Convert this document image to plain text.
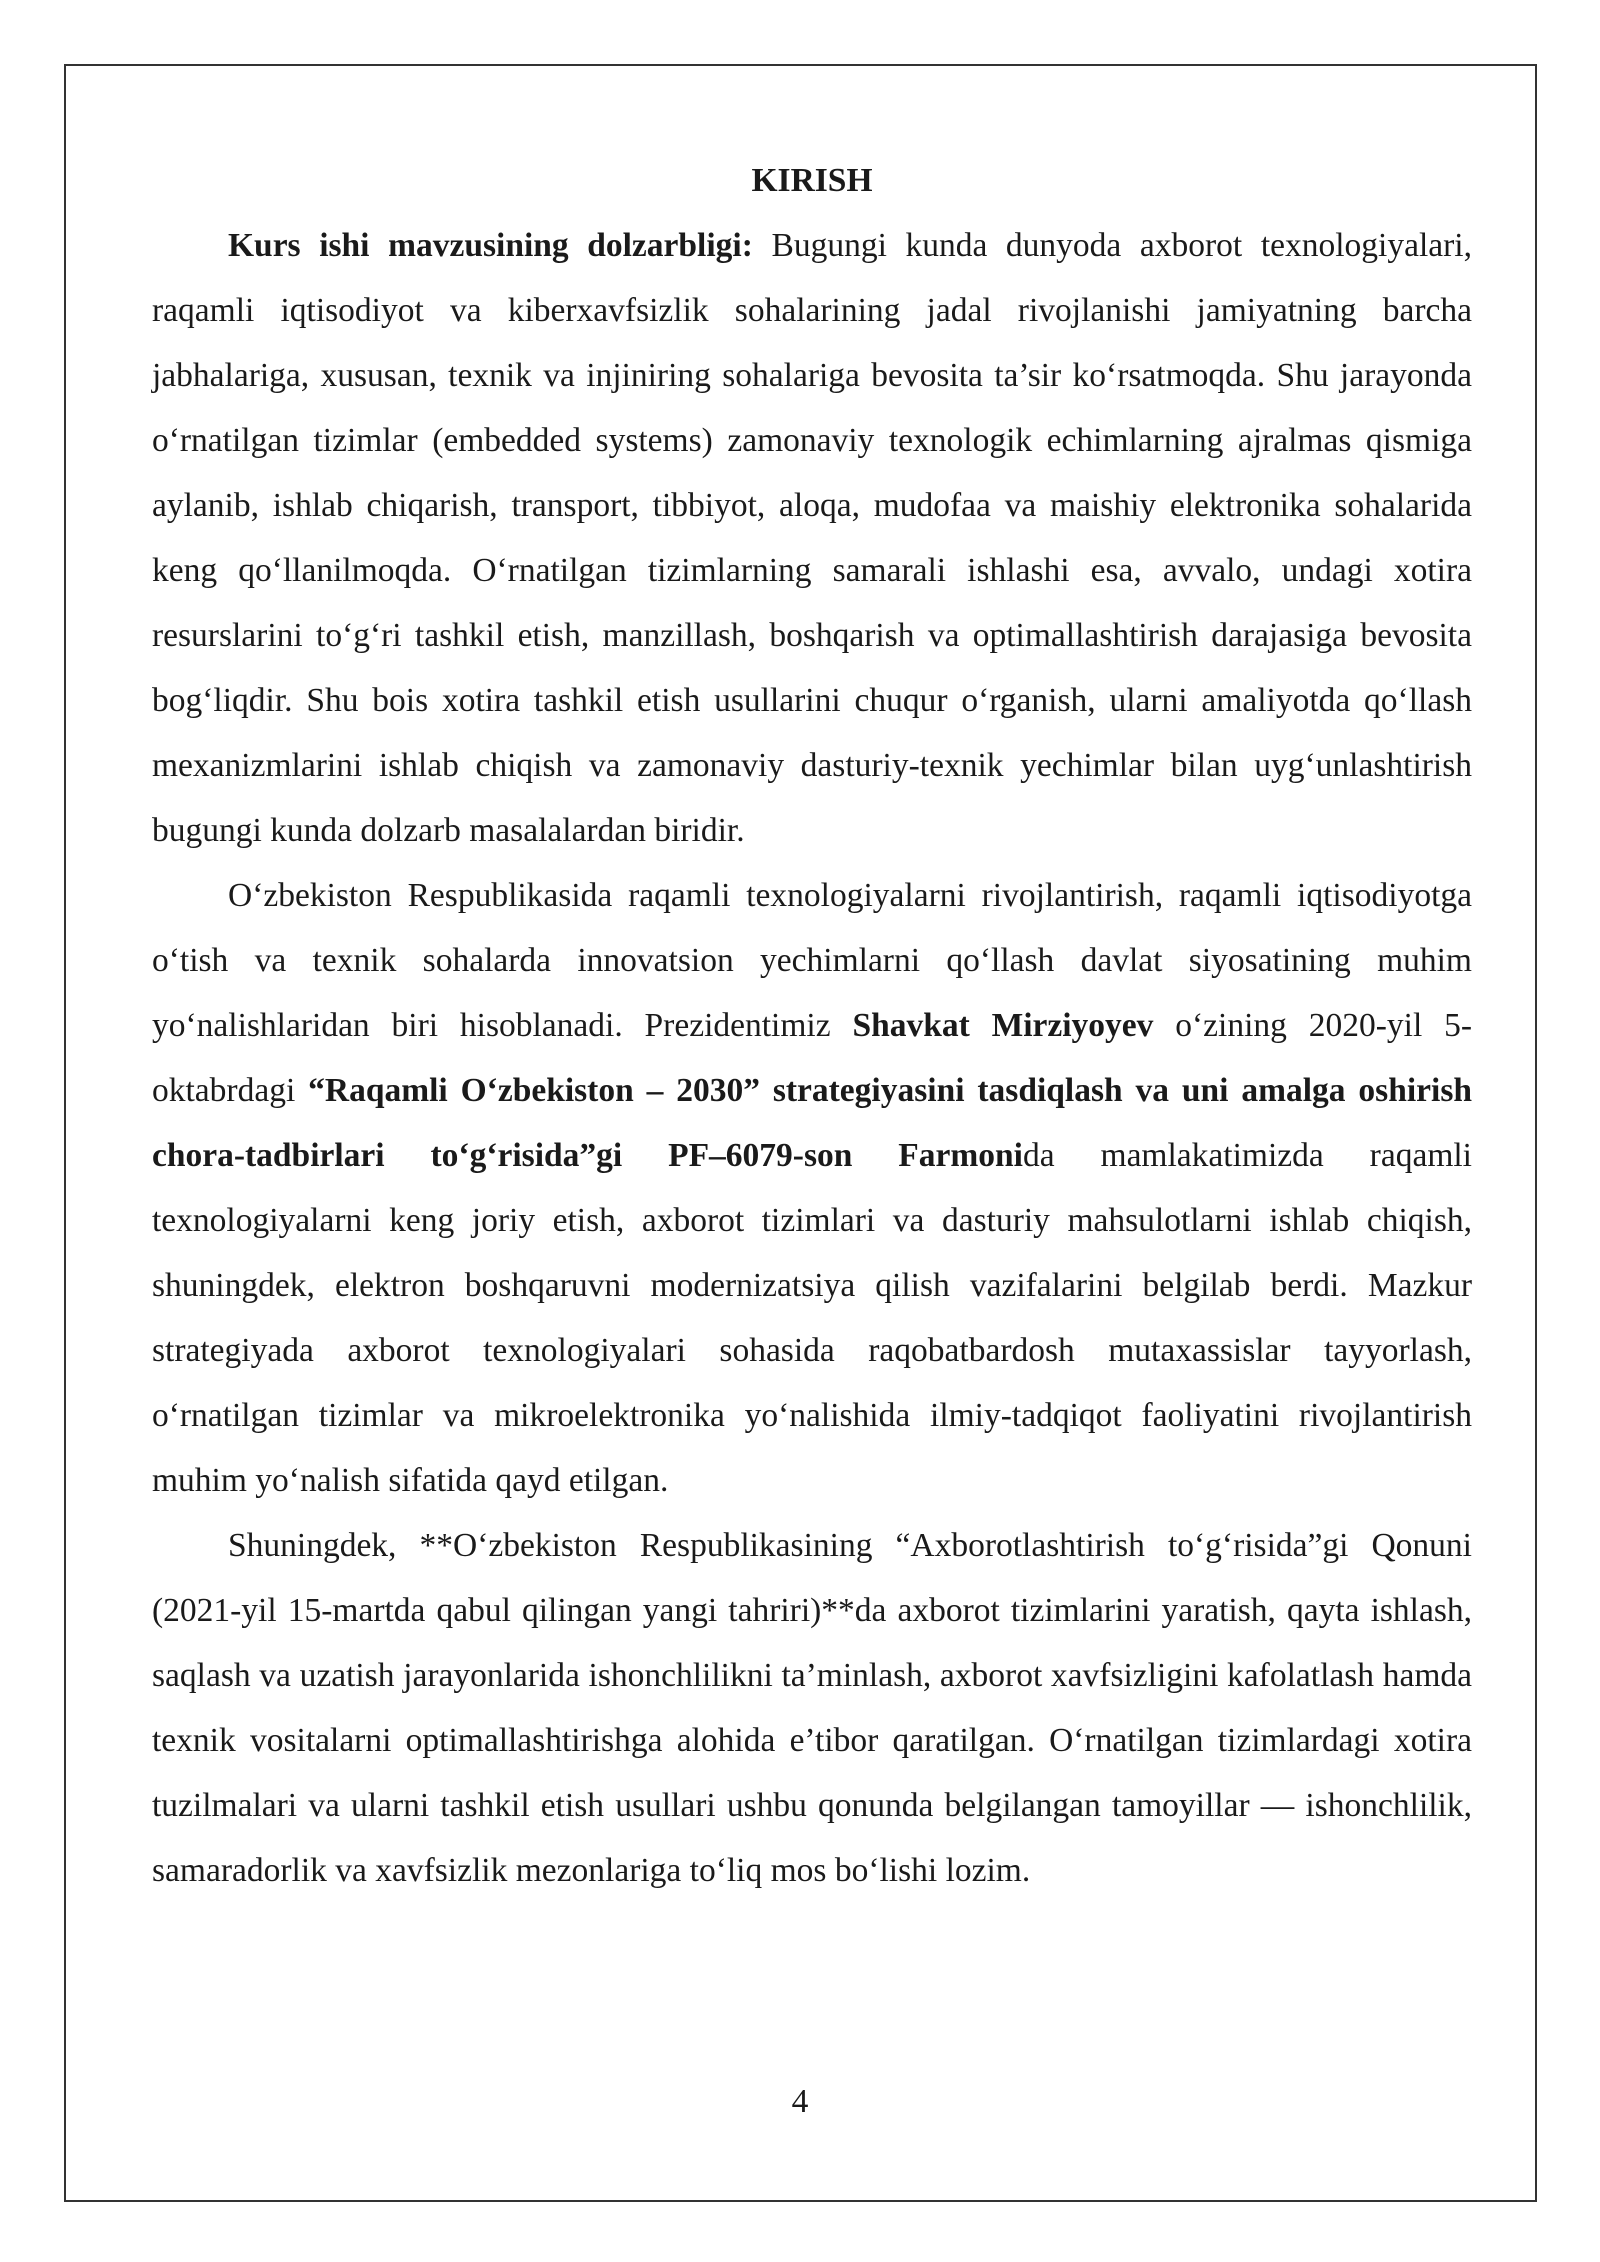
KIRISH

Kurs ishi mavzusining dolzarbligi: Bugungi kunda dunyoda axborot texnologiyalari, raqamli iqtisodiyot va kiberxavfsizlik sohalarining jadal rivojlanishi jamiyatning barcha jabhalariga, xususan, texnik va injiniring sohalariga bevosita ta’sir ko‘rsatmoqda. Shu jarayonda o‘rnatilgan tizimlar (embedded systems) zamonaviy texnologik echimlarning ajralmas qismiga aylanib, ishlab chiqarish, transport, tibbiyot, aloqa, mudofaa va maishiy elektronika sohalarida keng qo‘llanilmoqda. O‘rnatilgan tizimlarning samarali ishlashi esa, avvalo, undagi xotira resurslarini to‘g‘ri tashkil etish, manzillash, boshqarish va optimallashtirish darajasiga bevosita bog‘liqdir. Shu bois xotira tashkil etish usullarini chuqur o‘rganish, ularni amaliyotda qo‘llash mexanizmlarini ishlab chiqish va zamonaviy dasturiy-texnik yechimlar bilan uyg‘unlashtirish bugungi kunda dolzarb masalalardan biridir.

O‘zbekiston Respublikasida raqamli texnologiyalarni rivojlantirish, raqamli iqtisodiyotga o‘tish va texnik sohalarda innovatsion yechimlarni qo‘llash davlat siyosatining muhim yo‘nalishlaridan biri hisoblanadi. Prezidentimiz Shavkat Mirziyoyev o‘zining 2020-yil 5-oktabrdagi “Raqamli O‘zbekiston – 2030” strategiyasini tasdiqlash va uni amalga oshirish chora-tadbirlari to‘g‘risida”gi PF–6079-son Farmonida mamlakatimizda raqamli texnologiyalarni keng joriy etish, axborot tizimlari va dasturiy mahsulotlarni ishlab chiqish, shuningdek, elektron boshqaruvni modernizatsiya qilish vazifalarini belgilab berdi. Mazkur strategiyada axborot texnologiyalari sohasida raqobatbardosh mutaxassislar tayyorlash, o‘rnatilgan tizimlar va mikroelektronika yo‘nalishida ilmiy-tadqiqot faoliyatini rivojlantirish muhim yo‘nalish sifatida qayd etilgan.

Shuningdek, **O‘zbekiston Respublikasining “Axborotlashtirish to‘g‘risida”gi Qonuni (2021-yil 15-martda qabul qilingan yangi tahriri)**da axborot tizimlarini yaratish, qayta ishlash, saqlash va uzatish jarayonlarida ishonchlilikni ta’minlash, axborot xavfsizligini kafolatlash hamda texnik vositalarni optimallashtirishga alohida e’tibor qaratilgan. O‘rnatilgan tizimlardagi xotira tuzilmalari va ularni tashkil etish usullari ushbu qonunda belgilangan tamoyillar — ishonchlilik, samaradorlik va xavfsizlik mezonlariga to‘liq mos bo‘lishi lozim.

4
